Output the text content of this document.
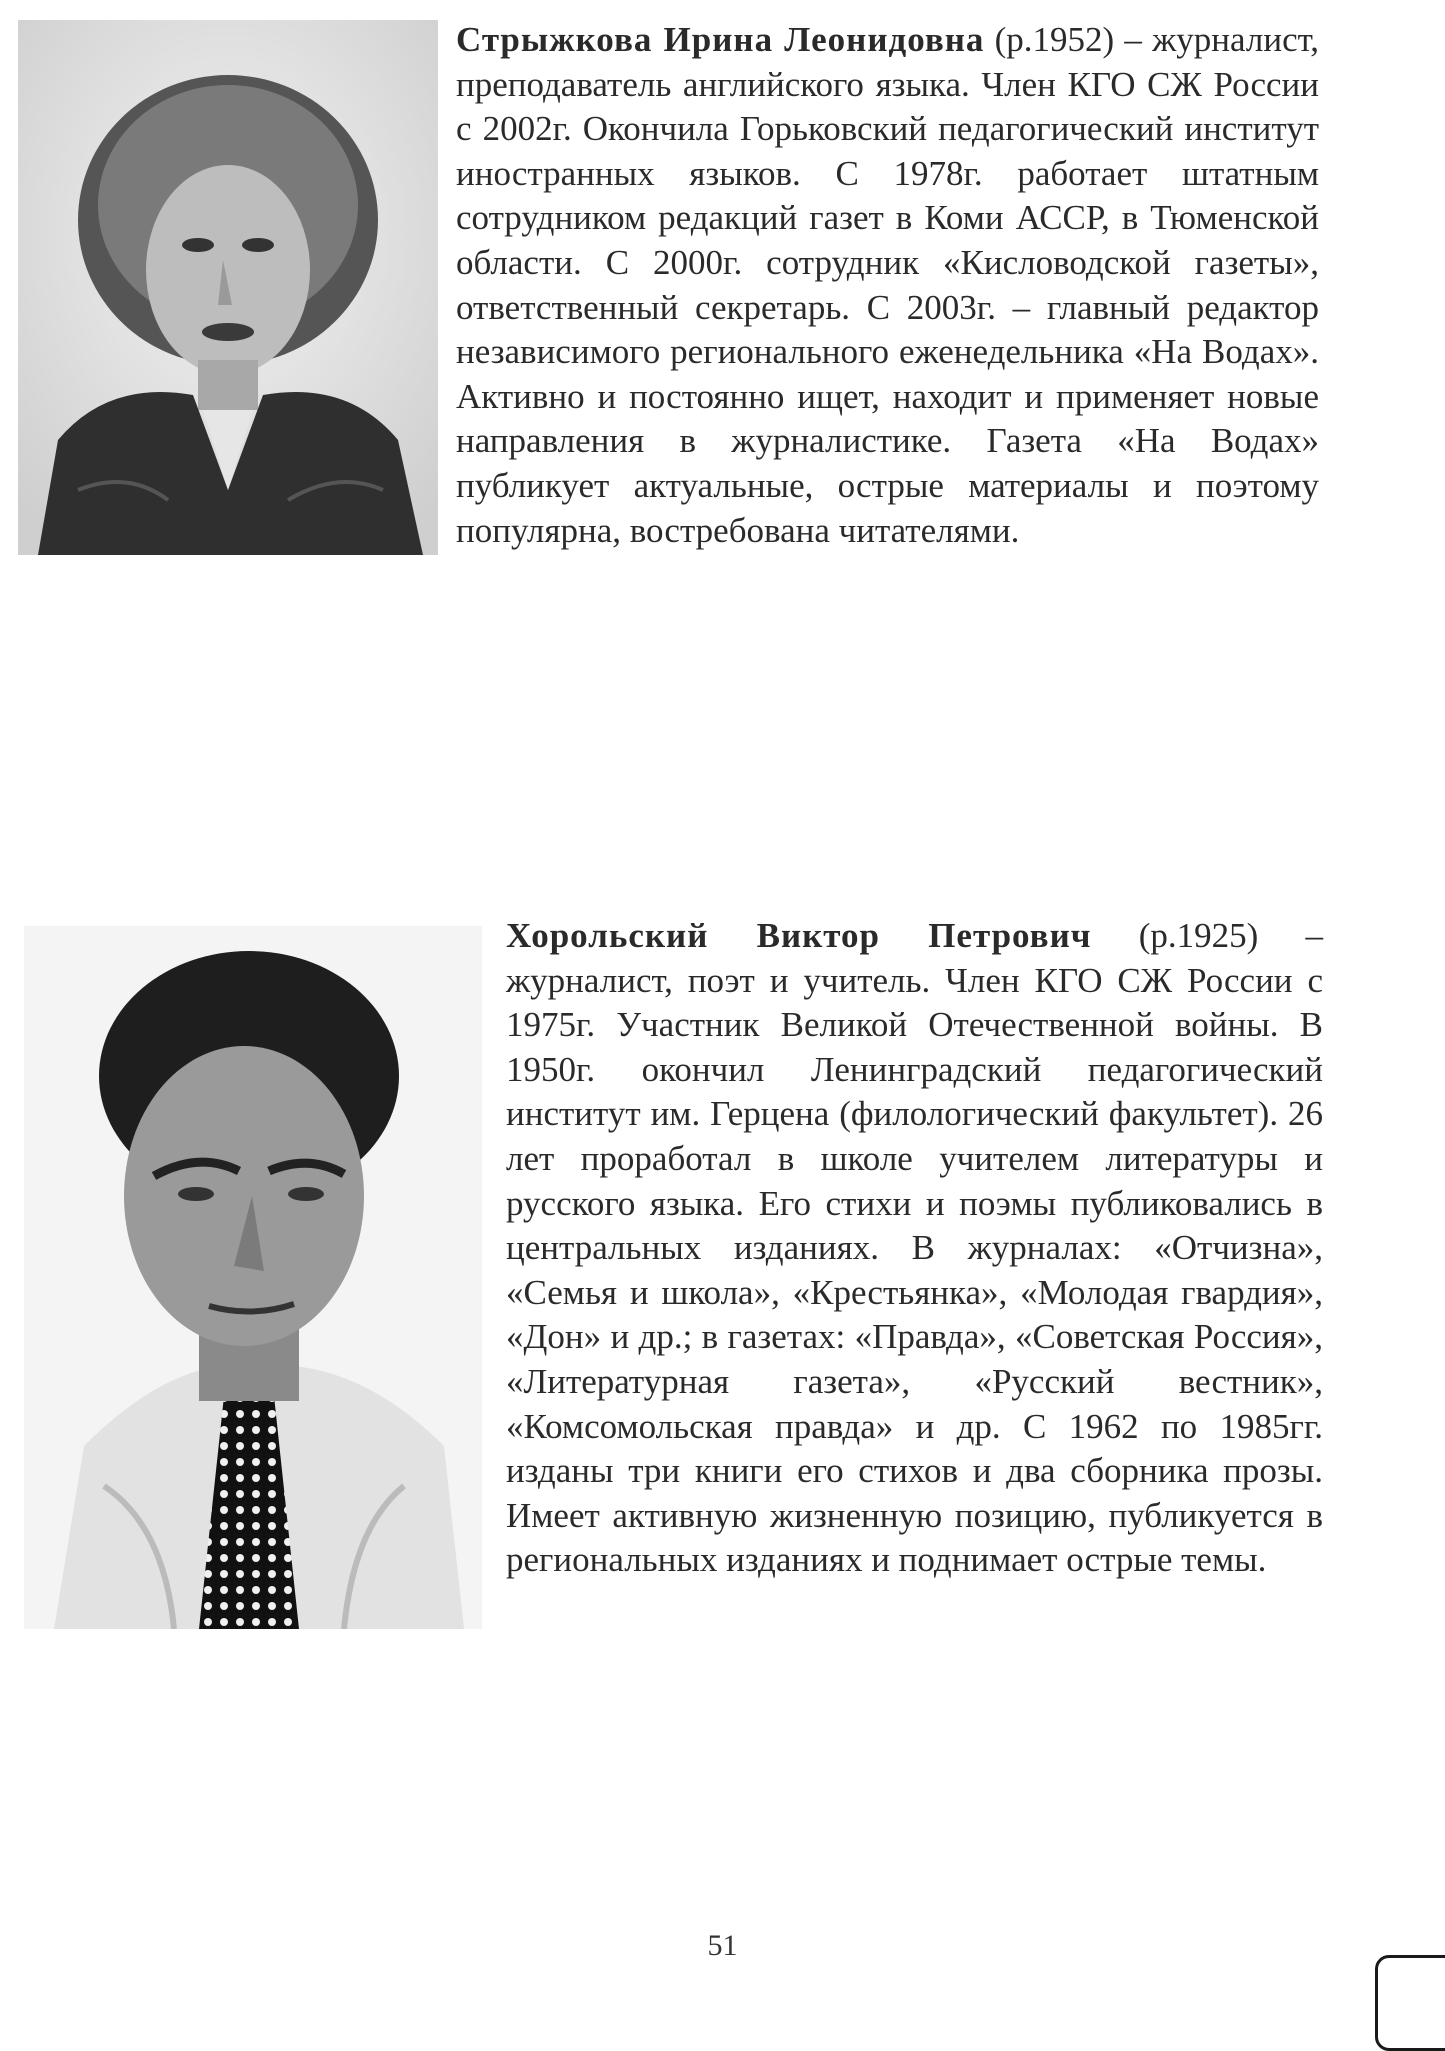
Стрыжкова Ирина Леонидовна (р.1952) – журналист, преподаватель английского языка. Член КГО СЖ России с 2002г. Окончила Горьковский педагогический институт иностранных языков. С 1978г. работает штатным сотрудником редакций газет в Коми АССР, в Тюменской области. С 2000г. сотрудник «Кисловодской газеты», ответственный секретарь. С 2003г. – главный редактор независимого регионального еженедельника «На Водах». Активно и постоянно ищет, находит и применяет новые направления в журналистике. Газета «На Водах» публикует актуальные, острые материалы и поэтому популярна, востребована читателями.
Хорольский Виктор Петрович (р.1925) – журналист, поэт и учитель. Член КГО СЖ России с 1975г. Участник Великой Отечественной войны. В 1950г. окончил Ленинградский педагогический институт им. Герцена (филологический факультет). 26 лет проработал в школе учителем литературы и русского языка. Его стихи и поэмы публиковались в центральных изданиях. В журналах: «Отчизна», «Семья и школа», «Крестьянка», «Молодая гвардия», «Дон» и др.; в газетах: «Правда», «Советская Россия», «Литературная газета», «Русский вестник», «Комсомольская правда» и др. С 1962 по 1985гг. изданы три книги его стихов и два сборника прозы. Имеет активную жизненную позицию, публикуется в региональных изданиях и поднимает острые темы.
51
